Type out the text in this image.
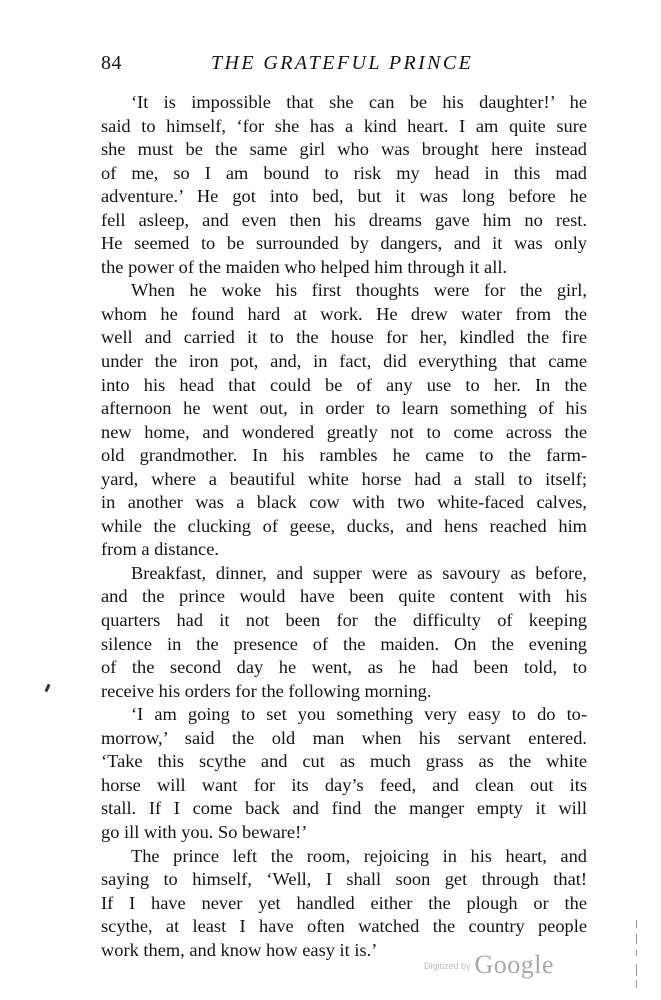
84	THE GRATEFUL PRINCE
‘It is impossible that she can be his daughter!’ he
said to himself, ‘for she has a kind heart. I am quite sure
she must be the same girl who was brought here instead
of me, so I am bound to risk my head in this mad
adventure.’ He got into bed, but it was long before he
fell asleep, and even then his dreams gave him no rest.
He seemed to be surrounded by dangers, and it was only
the power of the maiden who helped him through it all.
When he woke his first thoughts were for the girl,
whom he found hard at work. He drew water from the
well and carried it to the house for her, kindled the fire
under the iron pot, and, in fact, did everything that came
into his head that could be of any use to her. In the
afternoon he went out, in order to learn something of his
new home, and wondered greatly not to come across the
old grandmother. In his rambles he came to the farm-
yard, where a beautiful white horse had a stall to itself;
in another was a black cow with two white-faced calves,
while the clucking of geese, ducks, and hens reached him
from a distance.
Breakfast, dinner, and supper were as savoury as before,
and the prince would have been quite content with his
quarters had it not been for the difficulty of keeping
silence in the presence of the maiden. On the evening
of the second day he went, as he had been told, to
receive his orders for the following morning.
‘I am going to set you something very easy to do to-
morrow,’ said the old man when his servant entered.
‘Take this scythe and cut as much grass as the white
horse will want for its day’s feed, and clean out its
stall. If I come back and find the manger empty it will
go ill with you. So beware!’
The prince left the room, rejoicing in his heart, and
saying to himself, ‘Well, I shall soon get through that!
If I have never yet handled either the plough or the
scythe, at least I have often watched the country people
work them, and know how easy it is.’
$^{Digitized by}$ Google
